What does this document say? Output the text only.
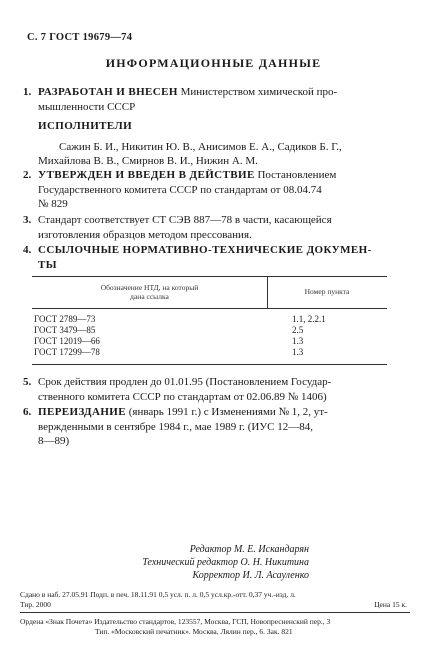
С. 7 ГОСТ 19679—74
ИНФОРМАЦИОННЫЕ ДАННЫЕ
1. РАЗРАБОТАН И ВНЕСЕН Министерством химической про-
мышленности СССР
ИСПОЛНИТЕЛИ
Сажин Б. И., Никитин Ю. В., Анисимов Е. А., Садиков Б. Г.,
Михайлова В. В., Смирнов В. И., Нижин А. М.
2. УТВЕРЖДЕН И ВВЕДЕН В ДЕЙСТВИЕ Постановлением
Государственного комитета СССР по стандартам от 08.04.74
№ 829
3. Стандарт соответствует СТ СЭВ 887—78 в части, касающейся
изготовления образцов методом прессования.
4. ССЫЛОЧНЫЕ НОРМАТИВНО-ТЕХНИЧЕСКИЕ ДОКУМЕН-
ТЫ
Обозначение НТД, на который
дана ссылка
Номер пункта
ГОСТ 2789—73	1.1, 2.2.1
ГОСТ 3479—85	2.5
ГОСТ 12019—66	1.3
ГОСТ 17299—78	1.3
5. Срок действия продлен до 01.01.95 (Постановлением Государ-
ственного комитета СССР по стандартам от 02.06.89 № 1406)
6. ПЕРЕИЗДАНИЕ (январь 1991 г.) с Изменениями № 1, 2, ут-
вержденными в сентябре 1984 г., мае 1989 г. (ИУС 12—84,
8—89)
Редактор М. Е. Искандарян
Технический редактор О. Н. Никитина
Корректор И. Л. Асауленко
Сдано в наб. 27.05.91 Подп. в печ. 18.11.91 0,5 усл. п. л. 0,5 усл.кр.-отт. 0,37 уч.-изд. л.
Тир. 2000	Цена 15 к.
Ордена «Знак Почета» Издательство стандартов, 123557, Москва, ГСП, Новопресненский пер., 3
Тип. «Московский печатник». Москва, Лялин пер., 6. Зак. 821
